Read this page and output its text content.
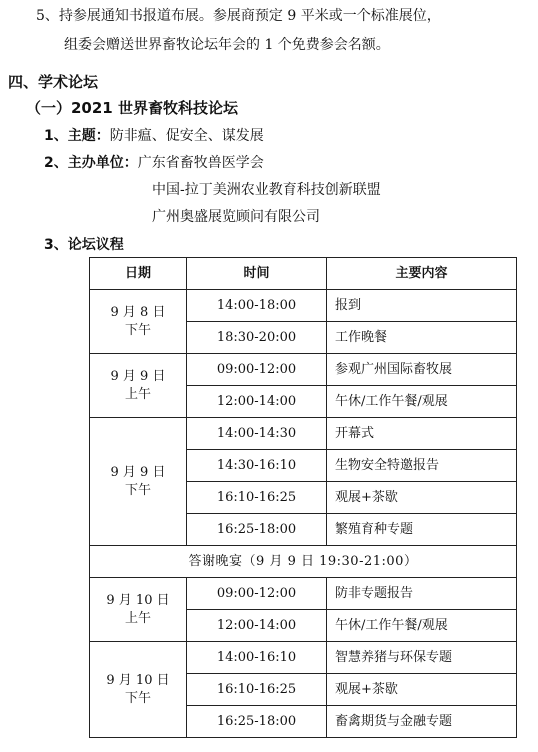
5、持参展通知书报道布展。参展商预定 9 平米或一个标准展位，
组委会赠送世界畜牧论坛年会的 1 个免费参会名额。
四、学术论坛
（一）2021 世界畜牧科技论坛
1、主题：防非瘟、促安全、谋发展
2、主办单位：广东省畜牧兽医学会
中国-拉丁美洲农业教育科技创新联盟
广州奥盛展览顾问有限公司
3、论坛议程
日期	时间	主要内容

9 月 8 日
下午	14:00-18:00	报到
	18:30-20:00	工作晚餐

9 月 9 日
上午	09:00-12:00	参观广州国际畜牧展
	12:00-14:00	午休/工作午餐/观展

9 月 9 日
下午	14:00-14:30	开幕式
	14:30-16:10	生物安全特邀报告
	16:10-16:25	观展+茶歇
	16:25-18:00	繁殖育种专题
答谢晚宴（9 月 9 日 19:30-21:00）		

9 月 10 日
上午	09:00-12:00	防非专题报告
	12:00-14:00	午休/工作午餐/观展

9 月 10 日
下午	14:00-16:10	智慧养猪与环保专题
	16:10-16:25	观展+茶歇
	16:25-18:00	畜禽期货与金融专题
